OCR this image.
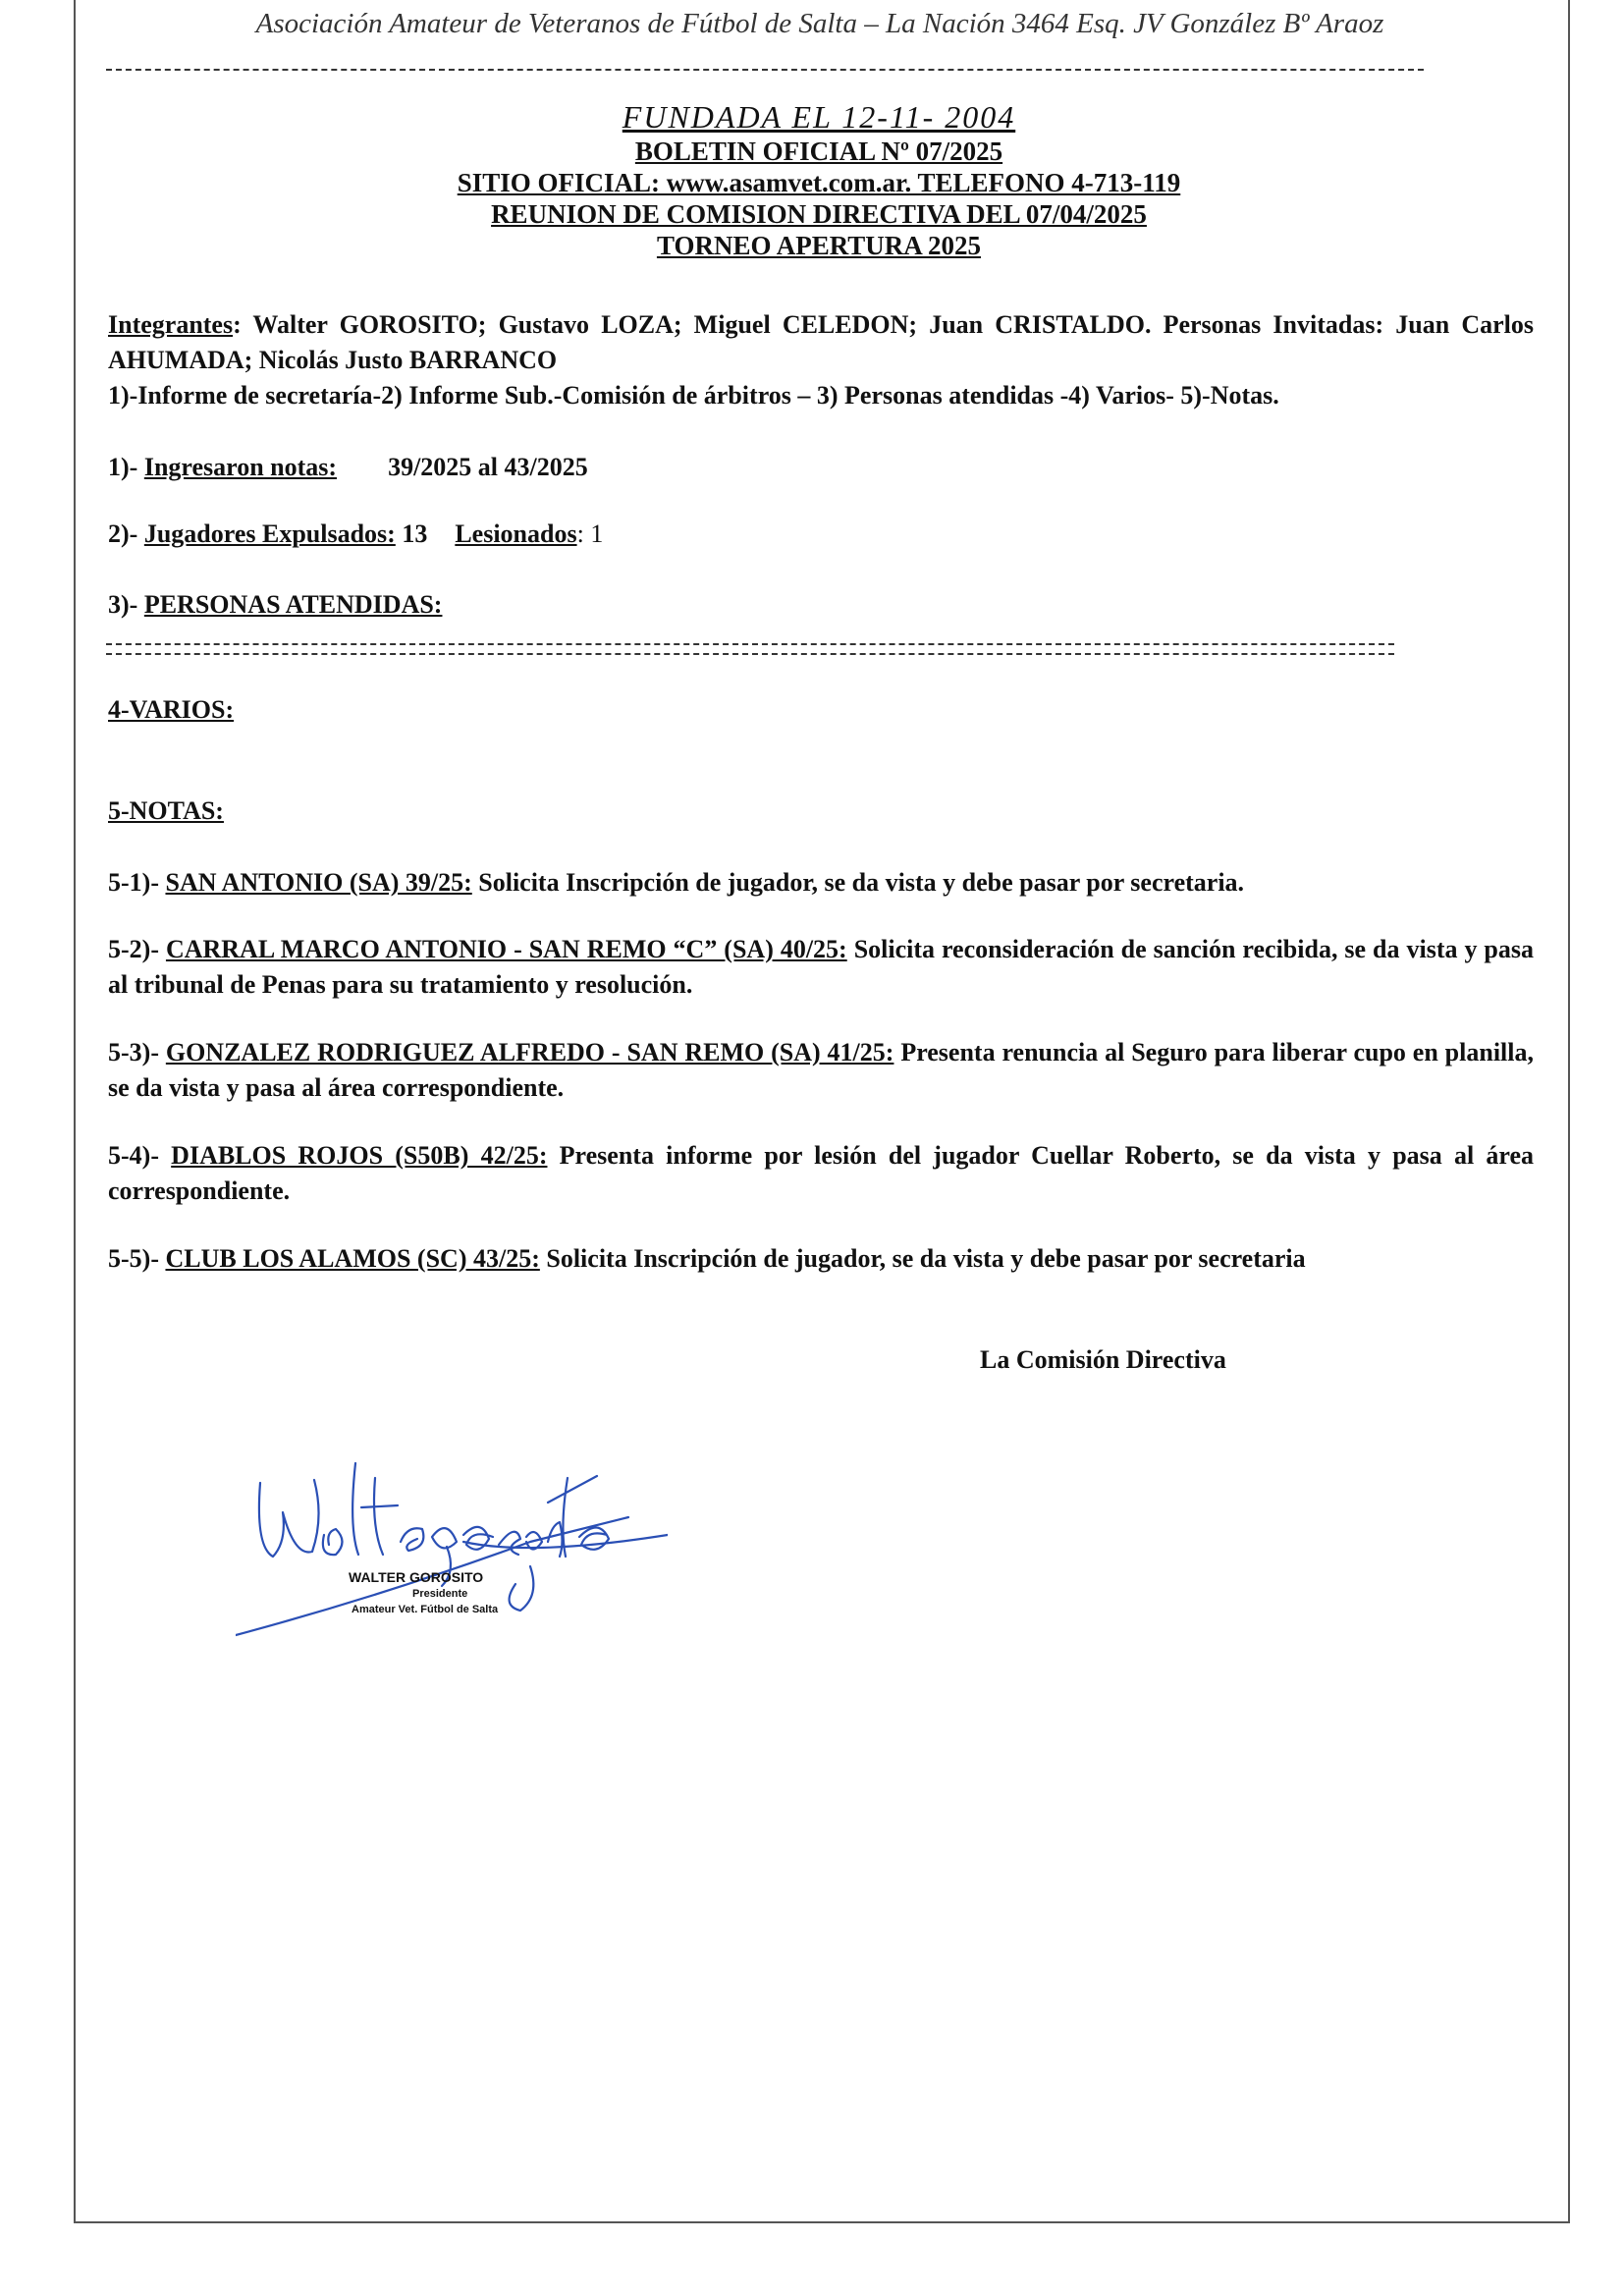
Asociación Amateur de Veteranos de Fútbol de Salta – La Nación 3464 Esq. JV González Bº Araoz
FUNDADA EL 12-11- 2004
BOLETIN OFICIAL Nº 07/2025
SITIO OFICIAL: www.asamvet.com.ar. TELEFONO 4-713-119
REUNION DE COMISION DIRECTIVA DEL 07/04/2025
TORNEO APERTURA 2025
Integrantes: Walter GOROSITO; Gustavo LOZA; Miguel CELEDON; Juan CRISTALDO. Personas Invitadas: Juan Carlos AHUMADA; Nicolás Justo BARRANCO
1)-Informe de secretaría-2) Informe Sub.-Comisión de árbitros – 3) Personas atendidas -4) Varios- 5)-Notas.
1)- Ingresaron notas: 39/2025 al 43/2025
2)- Jugadores Expulsados: 13 Lesionados: 1
3)- PERSONAS ATENDIDAS:
4-VARIOS:
5-NOTAS:
5-1)- SAN ANTONIO (SA) 39/25: Solicita Inscripción de jugador, se da vista y debe pasar por secretaria.
5-2)- CARRAL MARCO ANTONIO - SAN REMO “C” (SA) 40/25: Solicita reconsideración de sanción recibida, se da vista y pasa al tribunal de Penas para su tratamiento y resolución.
5-3)- GONZALEZ RODRIGUEZ ALFREDO - SAN REMO (SA) 41/25: Presenta renuncia al Seguro para liberar cupo en planilla, se da vista y pasa al área correspondiente.
5-4)- DIABLOS ROJOS (S50B) 42/25: Presenta informe por lesión del jugador Cuellar Roberto, se da vista y pasa al área correspondiente.
5-5)- CLUB LOS ALAMOS (SC) 43/25: Solicita Inscripción de jugador, se da vista y debe pasar por secretaria
La Comisión Directiva
WALTER GOROSITO
Presidente
Amateur Vet. Fútbol de Salta
